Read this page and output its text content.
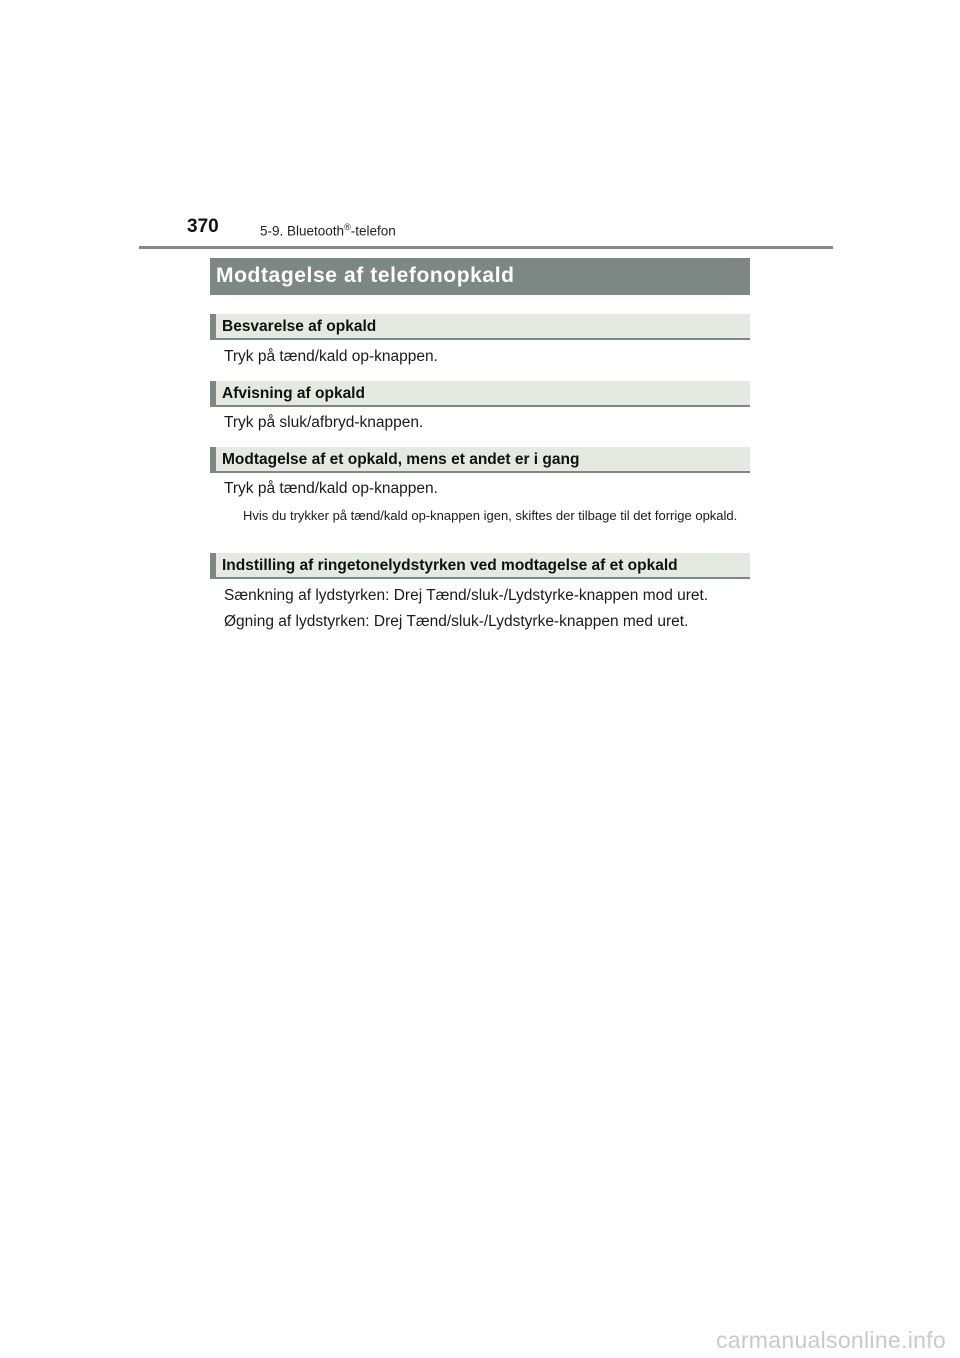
370	5-9. Bluetooth®-telefon
Modtagelse af telefonopkald
Besvarelse af opkald
Tryk på tænd/kald op-knappen.
Afvisning af opkald
Tryk på sluk/afbryd-knappen.
Modtagelse af et opkald, mens et andet er i gang
Tryk på tænd/kald op-knappen.
Hvis du trykker på tænd/kald op-knappen igen, skiftes der tilbage til det forrige opkald.
Indstilling af ringetonelydstyrken ved modtagelse af et opkald
Sænkning af lydstyrken: Drej Tænd/sluk-/Lydstyrke-knappen mod uret.
Øgning af lydstyrken: Drej Tænd/sluk-/Lydstyrke-knappen med uret.
carmanualsonline.info
